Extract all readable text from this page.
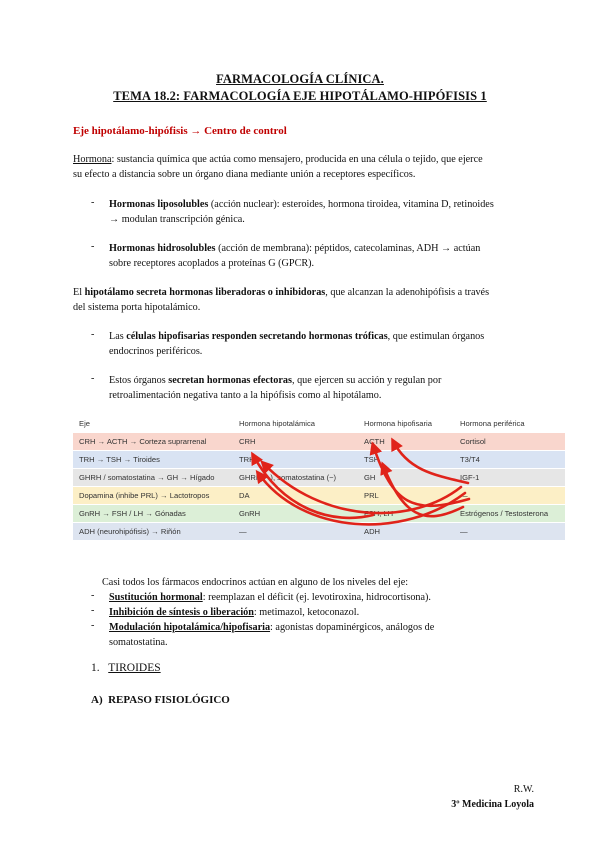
FARMACOLOGÍA CLÍNICA.
TEMA 18.2: FARMACOLOGÍA EJE HIPOTÁLAMO-HIPÓFISIS 1
Eje hipotálamo-hipófisis → Centro de control
Hormona: sustancia química que actúa como mensajero, producida en una célula o tejido, que ejerce
su efecto a distancia sobre un órgano diana mediante unión a receptores específicos.
- Hormonas liposolubles (acción nuclear): esteroides, hormona tiroidea, vitamina D, retinoides
→ modulan transcripción génica.
- Hormonas hidrosolubles (acción de membrana): péptidos, catecolaminas, ADH → actúan
sobre receptores acoplados a proteínas G (GPCR).
El hipotálamo secreta hormonas liberadoras o inhibidoras, que alcanzan la adenohipófisis a través
del sistema porta hipotalámico.
- Las células hipofisarias responden secretando hormonas tróficas, que estimulan órganos
endocrinos periféricos.
- Estos órganos secretan hormonas efectoras, que ejercen su acción y regulan por
retroalimentación negativa tanto a la hipófisis como al hipotálamo.
Eje	Hormona hipotalámica	Hormona hipofisaria	Hormona periférica
CRH → ACTH → Corteza suprarrenal	CRH	ACTH	Cortisol
TRH → TSH → Tiroides	TRH	TSH	T3/T4
GHRH / somatostatina → GH → Hígado	GHRH (+), somatostatina (−)	GH	IGF-1
Dopamina (inhibe PRL) → Lactotropos	DA	PRL	—
GnRH → FSH / LH → Gónadas	GnRH	FSH, LH	Estrógenos / Testosterona
ADH (neurohipófisis) → Riñón	—	ADH	—
Casi todos los fármacos endocrinos actúan en alguno de los niveles del eje:
- Sustitución hormonal: reemplazan el déficit (ej. levotiroxina, hidrocortisona).
- Inhibición de síntesis o liberación: metimazol, ketoconazol.
- Modulación hipotalámica/hipofisaria: agonistas dopaminérgicos, análogos de
somatostatina.
1. TIROIDES
A) REPASO FISIOLÓGICO
R.W.
3º Medicina Loyola
